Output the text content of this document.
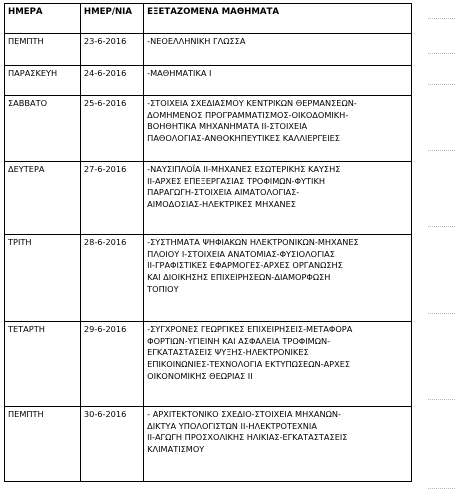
ΗΜΕΡΑ	ΗΜΕΡ/ΝΙΑ	ΕΞΕΤΑΖΟΜΕΝΑ ΜΑΘΗΜΑΤΑ
ΠΕΜΠΤΗ	23-6-2016	-ΝΕΟΕΛΛΗΝΙΚΗ ΓΛΩΣΣΑ

ΠΑΡΑΣΚΕΥΗ	24-6-2016	-ΜΑΘΗΜΑΤΙΚΑ Ι

ΣΑΒΒΑΤΟ	25-6-2016	-ΣΤΟΙΧΕΙΑ ΣΧΕΔΙΑΣΜΟΥ ΚΕΝΤΡΙΚΩΝ ΘΕΡΜΑΝΣΕΩΝ-
ΔΟΜΗΜΕΝΟΣ ΠΡΟΓΡΑΜΜΑΤΙΣΜΟΣ-ΟΙΚΟΔΟΜΙΚΗ-
ΒΟΗΘΗΤΙΚΑ ΜΗΧΑΝΗΜΑΤΑ ΙΙ-ΣΤΟΙΧΕΙΑ
ΠΑΘΟΛΟΓΙΑΣ-ΑΝΘΟΚΗΠΕΥΤΙΚΕΣ ΚΑΛΛΙΕΡΓΕΙΕΣ

ΔΕΥΤΕΡΑ	27-6-2016	-ΝΑΥΣΙΠΛΟΪΑ ΙΙ-ΜΗΧΑΝΕΣ ΕΣΩΤΕΡΙΚΗΣ ΚΑΥΣΗΣ
ΙΙ-ΑΡΧΕΣ ΕΠΕΞΕΡΓΑΣΙΑΣ ΤΡΟΦΙΜΩΝ-ΦΥΤΙΚΗ
ΠΑΡΑΓΩΓΗ-ΣΤΟΙΧΕΙΑ ΑΙΜΑΤΟΛΟΓΙΑΣ-
ΑΙΜΟΔΟΣΙΑΣ-ΗΛΕΚΤΡΙΚΕΣ ΜΗΧΑΝΕΣ

ΤΡΙΤΗ	28-6-2016	-ΣΥΣΤΗΜΑΤΑ ΨΗΦΙΑΚΩΝ ΗΛΕΚΤΡΟΝΙΚΩΝ-ΜΗΧΑΝΕΣ
ΠΛΟΙΟΥ Ι-ΣΤΟΙΧΕΙΑ ΑΝΑΤΟΜΙΑΣ-ΦΥΣΙΟΛΟΓΙΑΣ
ΙΙ-ΓΡΑΦΙΣΤΙΚΕΣ ΕΦΑΡΜΟΓΕΣ-ΑΡΧΕΣ ΟΡΓΑΝΩΣΗΣ
ΚΑΙ ΔΙΟΙΚΗΣΗΣ ΕΠΙΧΕΙΡΗΣΕΩΝ-ΔΙΑΜΟΡΦΩΣΗ
ΤΟΠΙΟΥ

ΤΕΤΑΡΤΗ	29-6-2016	-ΣΥΓΧΡΟΝΕΣ ΓΕΩΡΓΙΚΕΣ ΕΠΙΧΕΙΡΗΣΕΙΣ-ΜΕΤΑΦΟΡΑ
ΦΟΡΤΙΩΝ-ΥΓΙΕΙΝΗ ΚΑΙ ΑΣΦΑΛΕΙΑ ΤΡΟΦΙΜΩΝ-
ΕΓΚΑΤΑΣΤΑΣΕΙΣ ΨΥΞΗΣ-ΗΛΕΚΤΡΟΝΙΚΕΣ
ΕΠΙΚΟΙΝΩΝΙΕΣ-ΤΕΧΝΟΛΟΓΙΑ ΕΚΤΥΠΩΣΕΩΝ-ΑΡΧΕΣ
ΟΙΚΟΝΟΜΙΚΗΣ ΘΕΩΡΙΑΣ ΙΙ

ΠΕΜΠΤΗ	30-6-2016	- ΑΡΧΙΤΕΚΤΟΝΙΚΟ ΣΧΕΔΙΟ-ΣΤΟΙΧΕΙΑ ΜΗΧΑΝΩΝ-
ΔΙΚΤΥΑ ΥΠΟΛΟΓΙΣΤΩΝ ΙΙ-ΗΛΕΚΤΡΟΤΕΧΝΙΑ
ΙΙ-ΑΓΩΓΗ ΠΡΟΣΧΟΛΙΚΗΣ ΗΛΙΚΙΑΣ-ΕΓΚΑΤΑΣΤΑΣΕΙΣ
ΚΛΙΜΑΤΙΣΜΟΥ
